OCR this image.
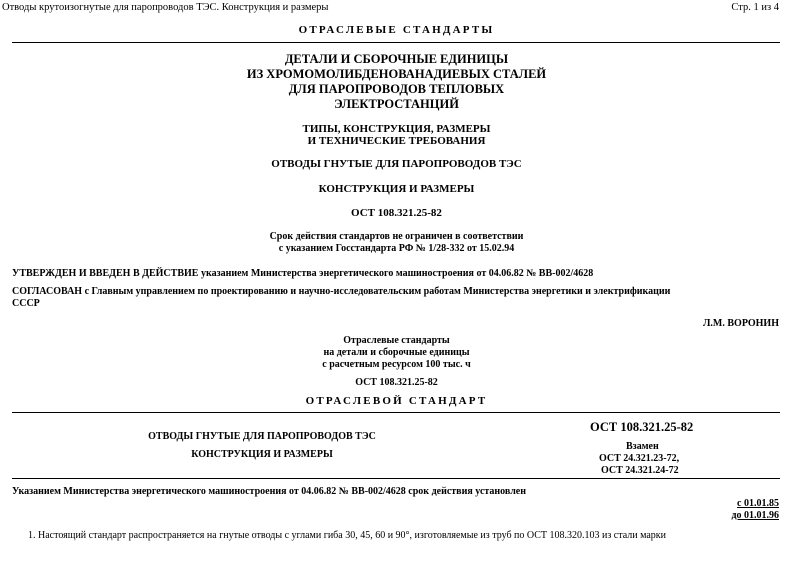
Отводы крутоизогнутые для паропроводов ТЭС. Конструкция и размеры	Стр. 1 из 4
ОТРАСЛЕВЫЕ СТАНДАРТЫ
ДЕТАЛИ И СБОРОЧНЫЕ ЕДИНИЦЫ
ИЗ ХРОМОМОЛИБДЕНОВАНАДИЕВЫХ СТАЛЕЙ
ДЛЯ ПАРОПРОВОДОВ ТЕПЛОВЫХ
ЭЛЕКТРОСТАНЦИЙ
ТИПЫ, КОНСТРУКЦИЯ, РАЗМЕРЫ
И ТЕХНИЧЕСКИЕ ТРЕБОВАНИЯ
ОТВОДЫ ГНУТЫЕ ДЛЯ ПАРОПРОВОДОВ ТЭС
КОНСТРУКЦИЯ И РАЗМЕРЫ
ОСТ 108.321.25-82
Срок действия стандартов не ограничен в соответствии
с указанием Госстандарта РФ № 1/28-332 от 15.02.94
УТВЕРЖДЕН И ВВЕДЕН В ДЕЙСТВИЕ указанием Министерства энергетического машиностроения от 04.06.82 № ВВ-002/4628
СОГЛАСОВАН с Главным управлением по проектированию и научно-исследовательским работам Министерства энергетики и электрификации
СССР
Л.М. ВОРОНИН
Отраслевые стандарты
на детали и сборочные единицы
с расчетным ресурсом 100 тыс. ч
ОСТ 108.321.25-82
ОТРАСЛЕВОЙ СТАНДАРТ
ОТВОДЫ ГНУТЫЕ ДЛЯ ПАРОПРОВОДОВ ТЭС
КОНСТРУКЦИЯ И РАЗМЕРЫ
ОСТ 108.321.25-82
Взамен
ОСТ 24.321.23-72,
ОСТ 24.321.24-72
Указанием Министерства энергетического машиностроения от 04.06.82 № ВВ-002/4628 срок действия установлен
с 01.01.85
до 01.01.96
1. Настоящий стандарт распространяется на гнутые отводы с углами гиба 30, 45, 60 и 90°, изготовляемые из труб по ОСТ 108.320.103 из стали марки
